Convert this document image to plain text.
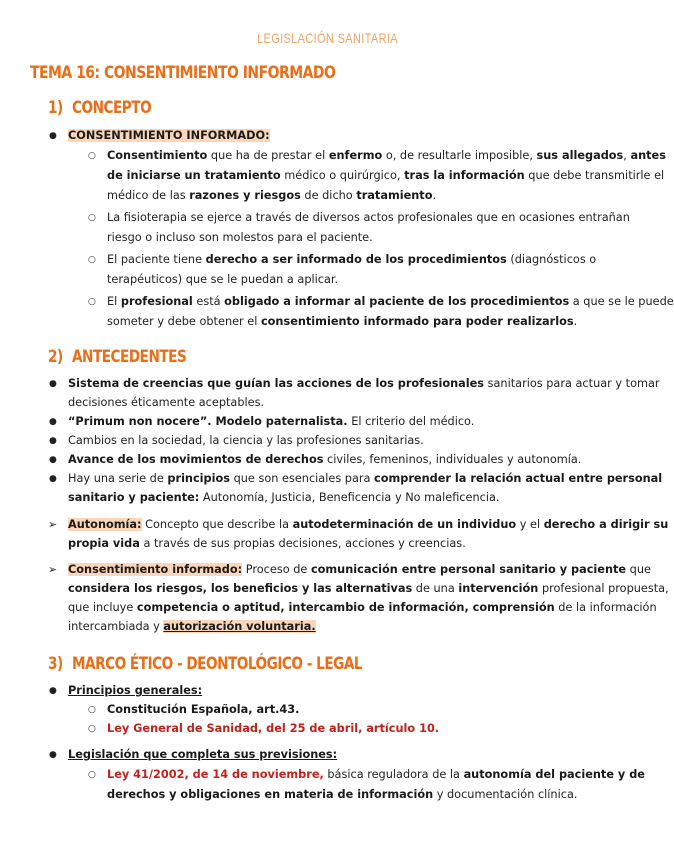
LEGISLACIÓN SANITARIA
TEMA 16: CONSENTIMIENTO INFORMADO
1) CONCEPTO
● CONSENTIMIENTO INFORMADO:
○ Consentimiento que ha de prestar el enfermo o, de resultarle imposible, sus allegados, antes
de iniciarse un tratamiento médico o quirúrgico, tras la información que debe transmitirle el
médico de las razones y riesgos de dicho tratamiento.
○ La fisioterapia se ejerce a través de diversos actos profesionales que en ocasiones entrañan
riesgo o incluso son molestos para el paciente.
○ El paciente tiene derecho a ser informado de los procedimientos (diagnósticos o
terapéuticos) que se le puedan a aplicar.
○ El profesional está obligado a informar al paciente de los procedimientos a que se le puede
someter y debe obtener el consentimiento informado para poder realizarlos.
2) ANTECEDENTES
● Sistema de creencias que guían las acciones de los profesionales sanitarios para actuar y tomar
decisiones éticamente aceptables.
● “Primum non nocere”. Modelo paternalista. El criterio del médico.
● Cambios en la sociedad, la ciencia y las profesiones sanitarias.
● Avance de los movimientos de derechos civiles, femeninos, individuales y autonomía.
● Hay una serie de principios que son esenciales para comprender la relación actual entre personal
sanitario y paciente: Autonomía, Justicia, Beneficencia y No maleficencia.
➢ Autonomía: Concepto que describe la autodeterminación de un individuo y el derecho a dirigir su
propia vida a través de sus propias decisiones, acciones y creencias.
➢ Consentimiento informado: Proceso de comunicación entre personal sanitario y paciente que
considera los riesgos, los beneficios y las alternativas de una intervención profesional propuesta,
que incluye competencia o aptitud, intercambio de información, comprensión de la información
intercambiada y autorización voluntaria.
3) MARCO ÉTICO - DEONTOLÓGICO - LEGAL
● Principios generales:
○ Constitución Española, art.43.
○ Ley General de Sanidad, del 25 de abril, artículo 10.
● Legislación que completa sus previsiones:
○ Ley 41/2002, de 14 de noviembre, básica reguladora de la autonomía del paciente y de
derechos y obligaciones en materia de información y documentación clínica.
